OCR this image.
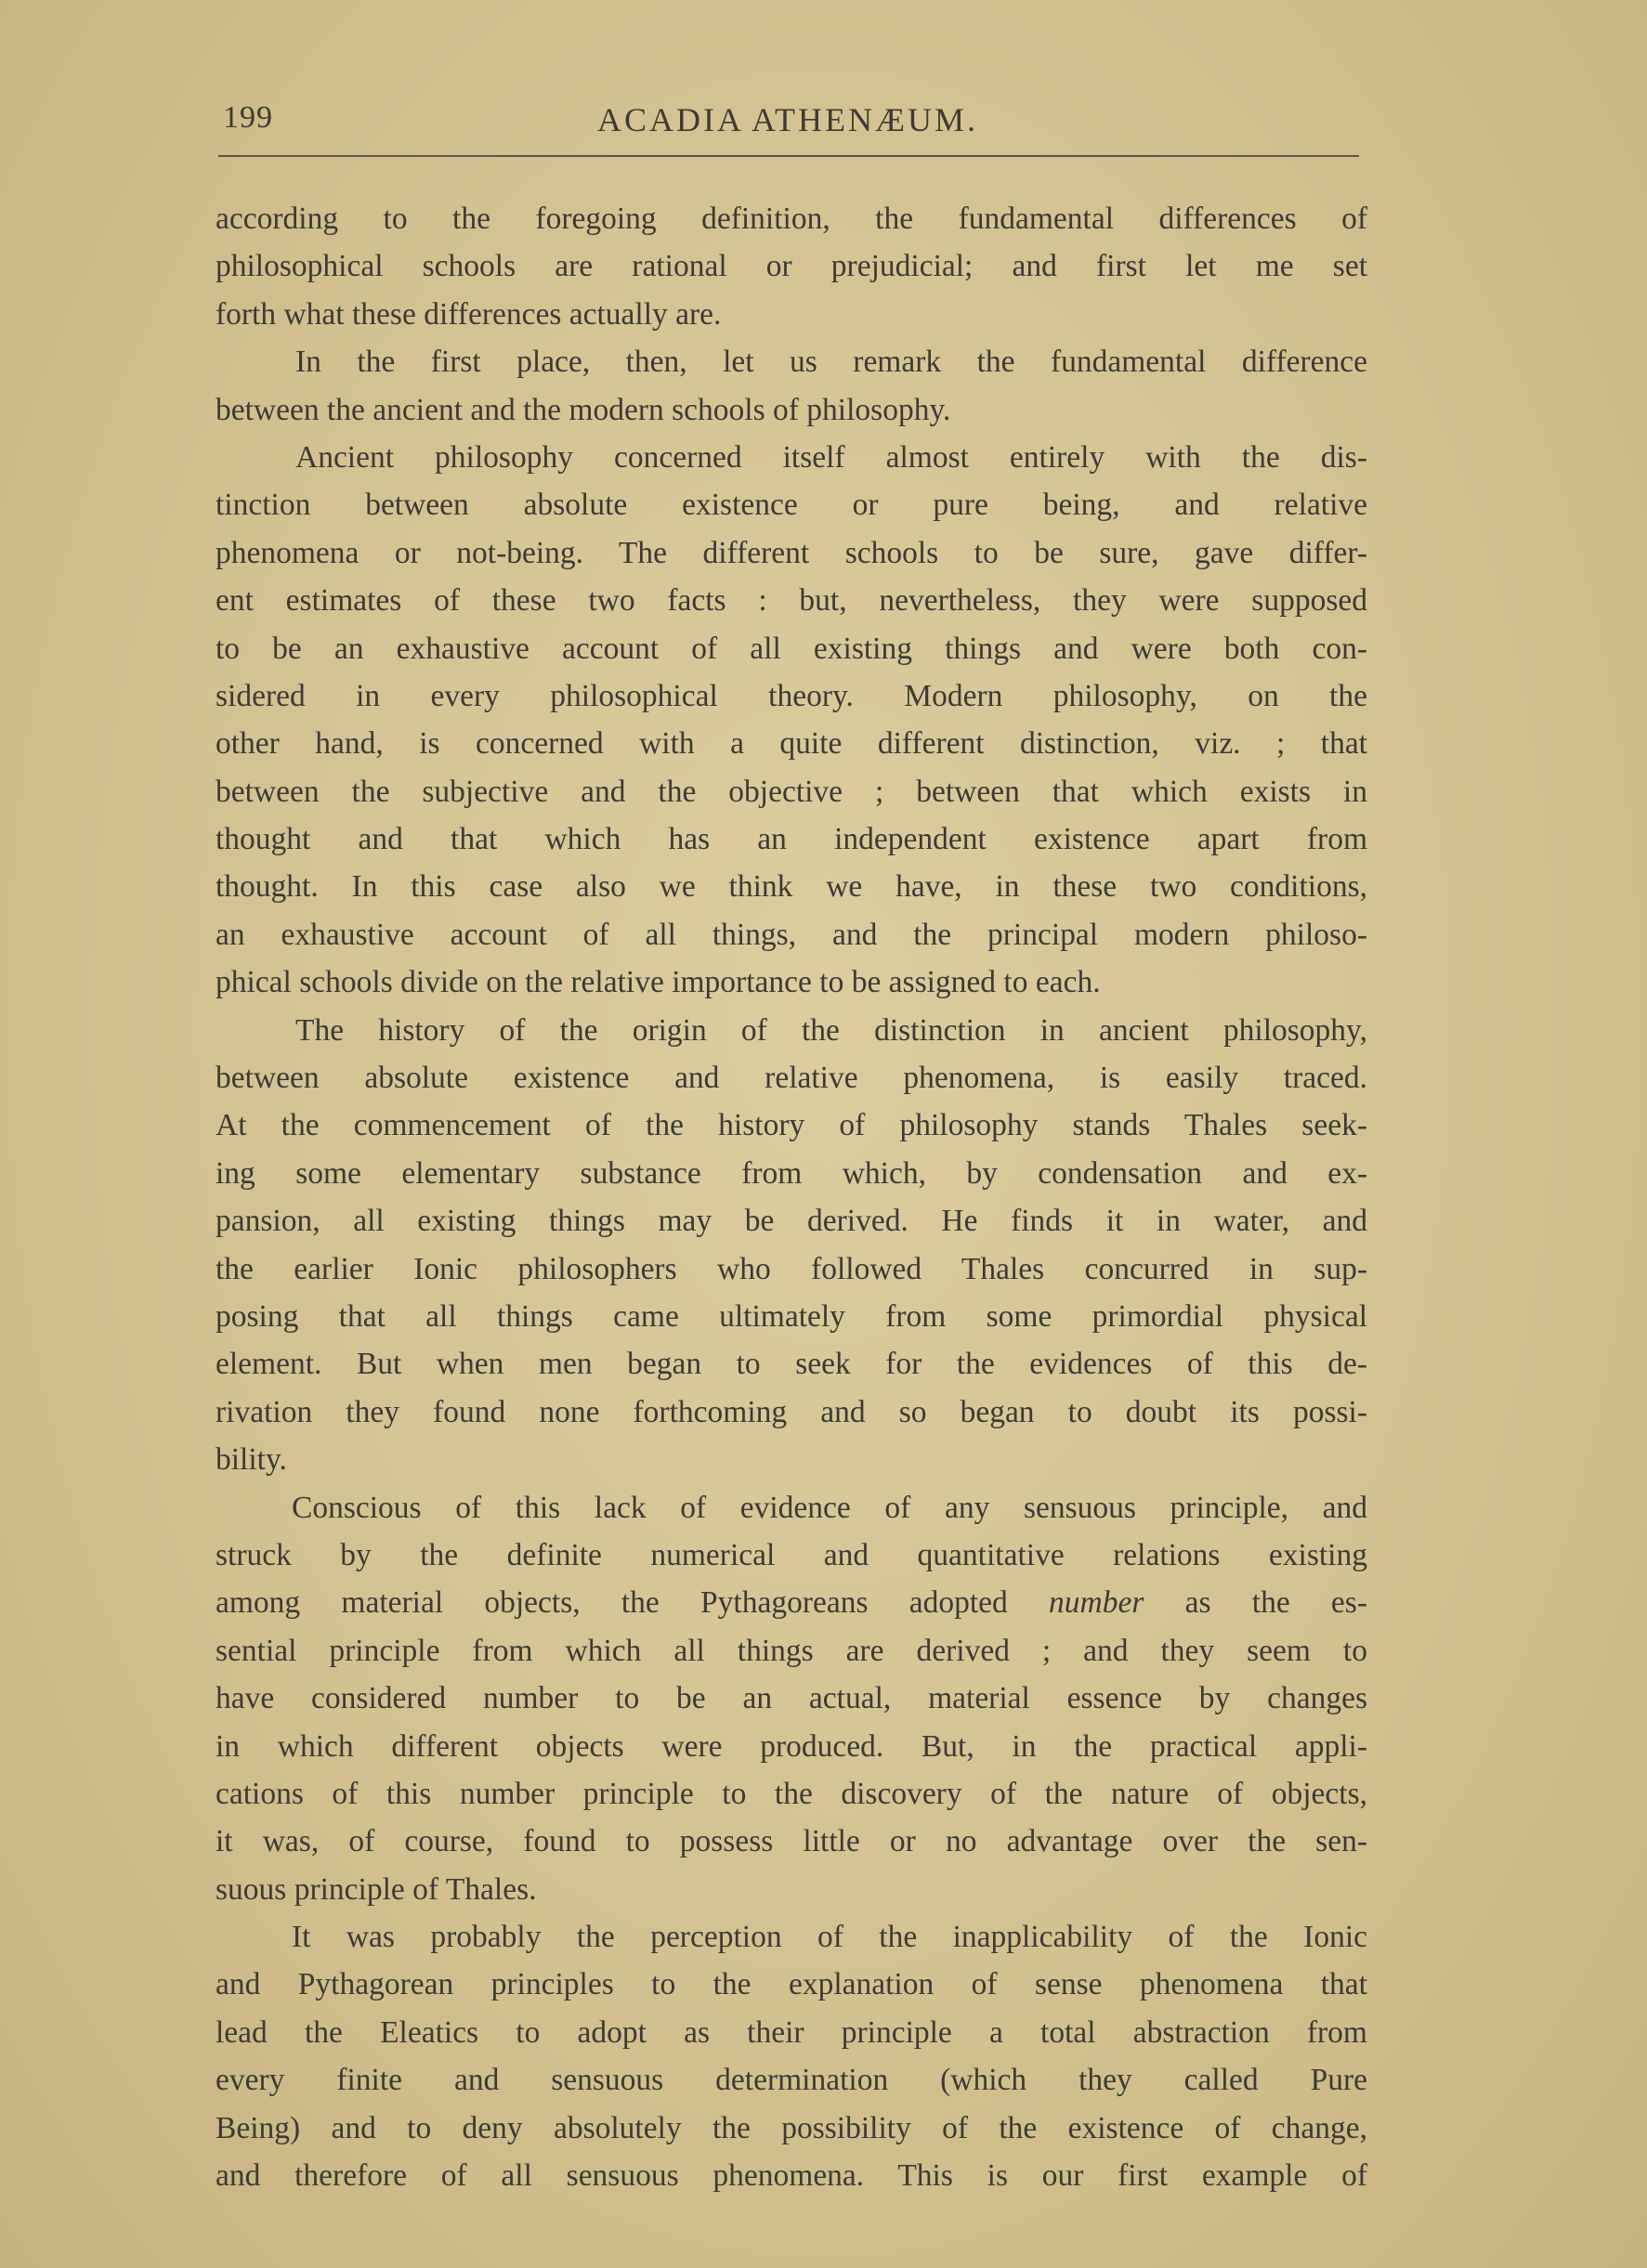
199	ACADIA ATHENÆUM.
according to the foregoing definition, the fundamental differences of
philosophical schools are rational or prejudicial; and first let me set
forth what these differences actually are.
In the first place, then, let us remark the fundamental difference
between the ancient and the modern schools of philosophy.
Ancient philosophy concerned itself almost entirely with the dis-
tinction between absolute existence or pure being, and relative
phenomena or not-being. The different schools to be sure, gave differ-
ent estimates of these two facts : but, nevertheless, they were supposed
to be an exhaustive account of all existing things and were both con-
sidered in every philosophical theory. Modern philosophy, on the
other hand, is concerned with a quite different distinction, viz. ; that
between the subjective and the objective ; between that which exists in
thought and that which has an independent existence apart from
thought. In this case also we think we have, in these two conditions,
an exhaustive account of all things, and the principal modern philoso-
phical schools divide on the relative importance to be assigned to each.
The history of the origin of the distinction in ancient philosophy,
between absolute existence and relative phenomena, is easily traced.
At the commencement of the history of philosophy stands Thales seek-
ing some elementary substance from which, by condensation and ex-
pansion, all existing things may be derived. He finds it in water, and
the earlier Ionic philosophers who followed Thales concurred in sup-
posing that all things came ultimately from some primordial physical
element. But when men began to seek for the evidences of this de-
rivation they found none forthcoming and so began to doubt its possi-
bility.
Conscious of this lack of evidence of any sensuous principle, and
struck by the definite numerical and quantitative relations existing
among material objects, the Pythagoreans adopted number as the es-
sential principle from which all things are derived ; and they seem to
have considered number to be an actual, material essence by changes
in which different objects were produced. But, in the practical appli-
cations of this number principle to the discovery of the nature of objects,
it was, of course, found to possess little or no advantage over the sen-
suous principle of Thales.
It was probably the perception of the inapplicability of the Ionic
and Pythagorean principles to the explanation of sense phenomena that
lead the Eleatics to adopt as their principle a total abstraction from
every finite and sensuous determination (which they called Pure
Being) and to deny absolutely the possibility of the existence of change,
and therefore of all sensuous phenomena. This is our first example of
